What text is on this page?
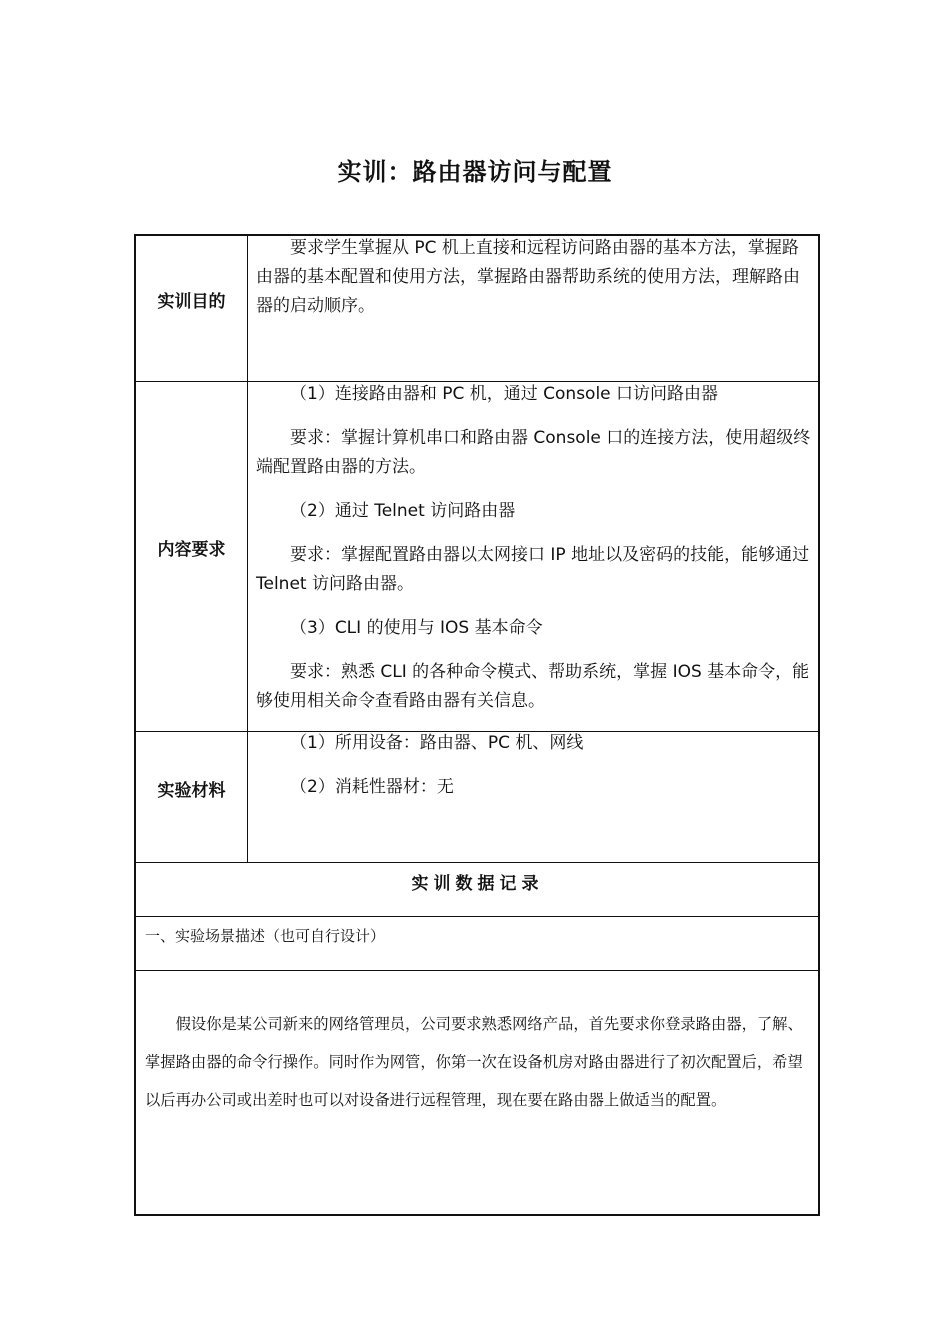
实训：路由器访问与配置
实训目的

要求学生掌握从 PC 机上直接和远程访问路由器的基本方法，掌握路由器的基本配置和使用方法，掌握路由器帮助系统的使用方法，理解路由器的启动顺序。

内容要求

（1）连接路由器和 PC 机，通过 Console 口访问路由器

要求：掌握计算机串口和路由器 Console 口的连接方法，使用超级终端配置路由器的方法。

（2）通过 Telnet 访问路由器

要求：掌握配置路由器以太网接口 IP 地址以及密码的技能，能够通过 Telnet 访问路由器。

（3）CLI 的使用与 IOS 基本命令

要求：熟悉 CLI 的各种命令模式、帮助系统，掌握 IOS 基本命令，能够使用相关命令查看路由器有关信息。

实验材料

（1）所用设备：路由器、PC 机、网线

（2）消耗性器材：无

实训数据记录
一、实验场景描述（也可自行设计）
假设你是某公司新来的网络管理员，公司要求熟悉网络产品，首先要求你登录路由器，了解、掌握路由器的命令行操作。同时作为网管，你第一次在设备机房对路由器进行了初次配置后，希望以后再办公司或出差时也可以对设备进行远程管理，现在要在路由器上做适当的配置。
